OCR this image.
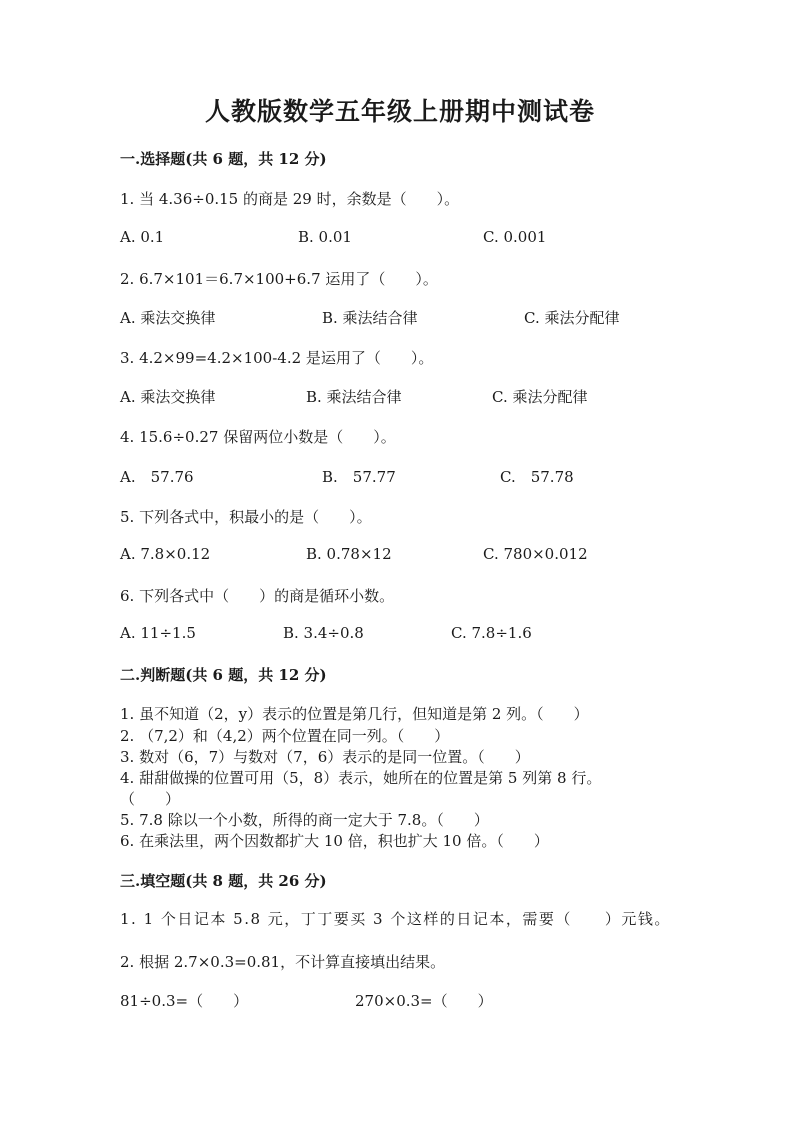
人教版数学五年级上册期中测试卷
一.选择题(共 6 题，共 12 分)
1. 当 4.36÷0.15 的商是 29 时，余数是（　　）。
A. 0.1	B. 0.01	C. 0.001
2. 6.7×101＝6.7×100+6.7 运用了（　　）。
A. 乘法交换律	B. 乘法结合律	C. 乘法分配律
3. 4.2×99=4.2×100-4.2 是运用了（　　）。
A. 乘法交换律	B. 乘法结合律	C. 乘法分配律
4. 15.6÷0.27 保留两位小数是（　　）。
A.　57.76	B.　57.77	C.　57.78
5. 下列各式中，积最小的是（　　）。
A. 7.8×0.12	B. 0.78×12	C. 780×0.012
6. 下列各式中（　　）的商是循环小数。
A. 11÷1.5	B. 3.4÷0.8	C. 7.8÷1.6
二.判断题(共 6 题，共 12 分)
1. 虽不知道（2，y）表示的位置是第几行，但知道是第 2 列。（　　）
2. （7,2）和（4,2）两个位置在同一列。（　　）
3. 数对（6，7）与数对（7，6）表示的是同一位置。（　　）
4. 甜甜做操的位置可用（5，8）表示，她所在的位置是第 5 列第 8 行。
（　　）
5. 7.8 除以一个小数，所得的商一定大于 7.8。（　　）
6. 在乘法里，两个因数都扩大 10 倍，积也扩大 10 倍。（　　）
三.填空题(共 8 题，共 26 分)
1. 1 个日记本 5.8 元，丁丁要买 3 个这样的日记本，需要（　　）元钱。
2. 根据 2.7×0.3=0.81，不计算直接填出结果。
81÷0.3=（　　）	270×0.3=（　　）
